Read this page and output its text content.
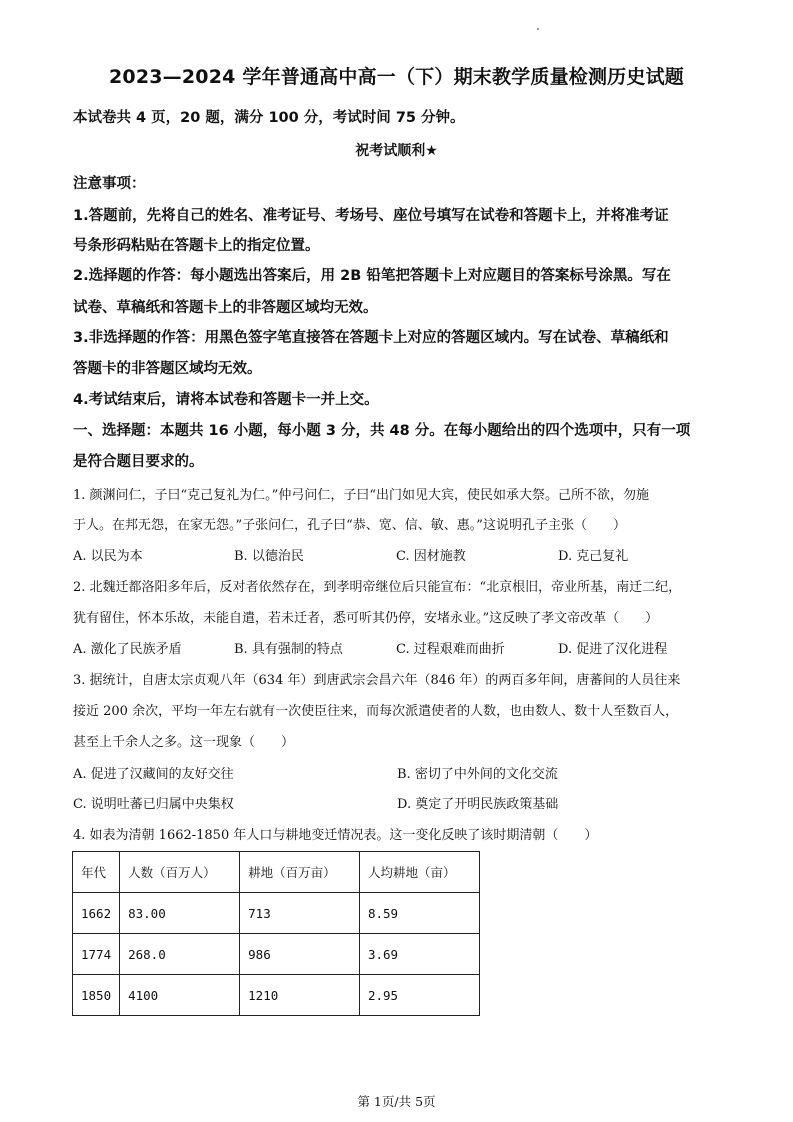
2023—2024 学年普通高中高一（下）期末教学质量检测历史试题
本试卷共 4 页，20 题，满分 100 分，考试时间 75 分钟。
祝考试顺利★
注意事项：
1.答题前，先将自己的姓名、准考证号、考场号、座位号填写在试卷和答题卡上，并将准考证
号条形码粘贴在答题卡上的指定位置。
2.选择题的作答：每小题选出答案后，用 2B 铅笔把答题卡上对应题目的答案标号涂黑。写在
试卷、草稿纸和答题卡上的非答题区域均无效。
3.非选择题的作答：用黑色签字笔直接答在答题卡上对应的答题区域内。写在试卷、草稿纸和
答题卡的非答题区域均无效。
4.考试结束后，请将本试卷和答题卡一并上交。
一、选择题：本题共 16 小题，每小题 3 分，共 48 分。在每小题给出的四个选项中，只有一项
是符合题目要求的。
1. 颜渊问仁，子曰“克己复礼为仁。”仲弓问仁，子曰“出门如见大宾，使民如承大祭。己所不欲，勿施
于人。在邦无怨，在家无怨。”子张问仁，孔子曰“恭、宽、信、敏、惠。”这说明孔子主张（　　）
A. 以民为本	B. 以德治民	C. 因材施教	D. 克己复礼
2. 北魏迁都洛阳多年后，反对者依然存在，到孝明帝继位后只能宣布：“北京根旧，帝业所基，南迁二纪，
犹有留住，怀本乐故，未能自遣，若未迁者，悉可听其仍停，安堵永业。”这反映了孝文帝改革（　　）
A. 激化了民族矛盾	B. 具有强制的特点	C. 过程艰难而曲折	D. 促进了汉化进程
3. 据统计，自唐太宗贞观八年（634 年）到唐武宗会昌六年（846 年）的两百多年间，唐蕃间的人员往来
接近 200 余次，平均一年左右就有一次使臣往来，而每次派遣使者的人数，也由数人、数十人至数百人，
甚至上千余人之多。这一现象（　　）
A. 促进了汉藏间的友好交往	B. 密切了中外间的文化交流
C. 说明吐蕃已归属中央集权	D. 奠定了开明民族政策基础
4. 如表为清朝 1662-1850 年人口与耕地变迁情况表。这一变化反映了该时期清朝（　　）
年代	人数（百万人）	耕地（百万亩）	人均耕地（亩）
1662	83.00	713	8.59
1774	268.0	986	3.69
1850	4100	1210	2.95
第 1页/共 5页
